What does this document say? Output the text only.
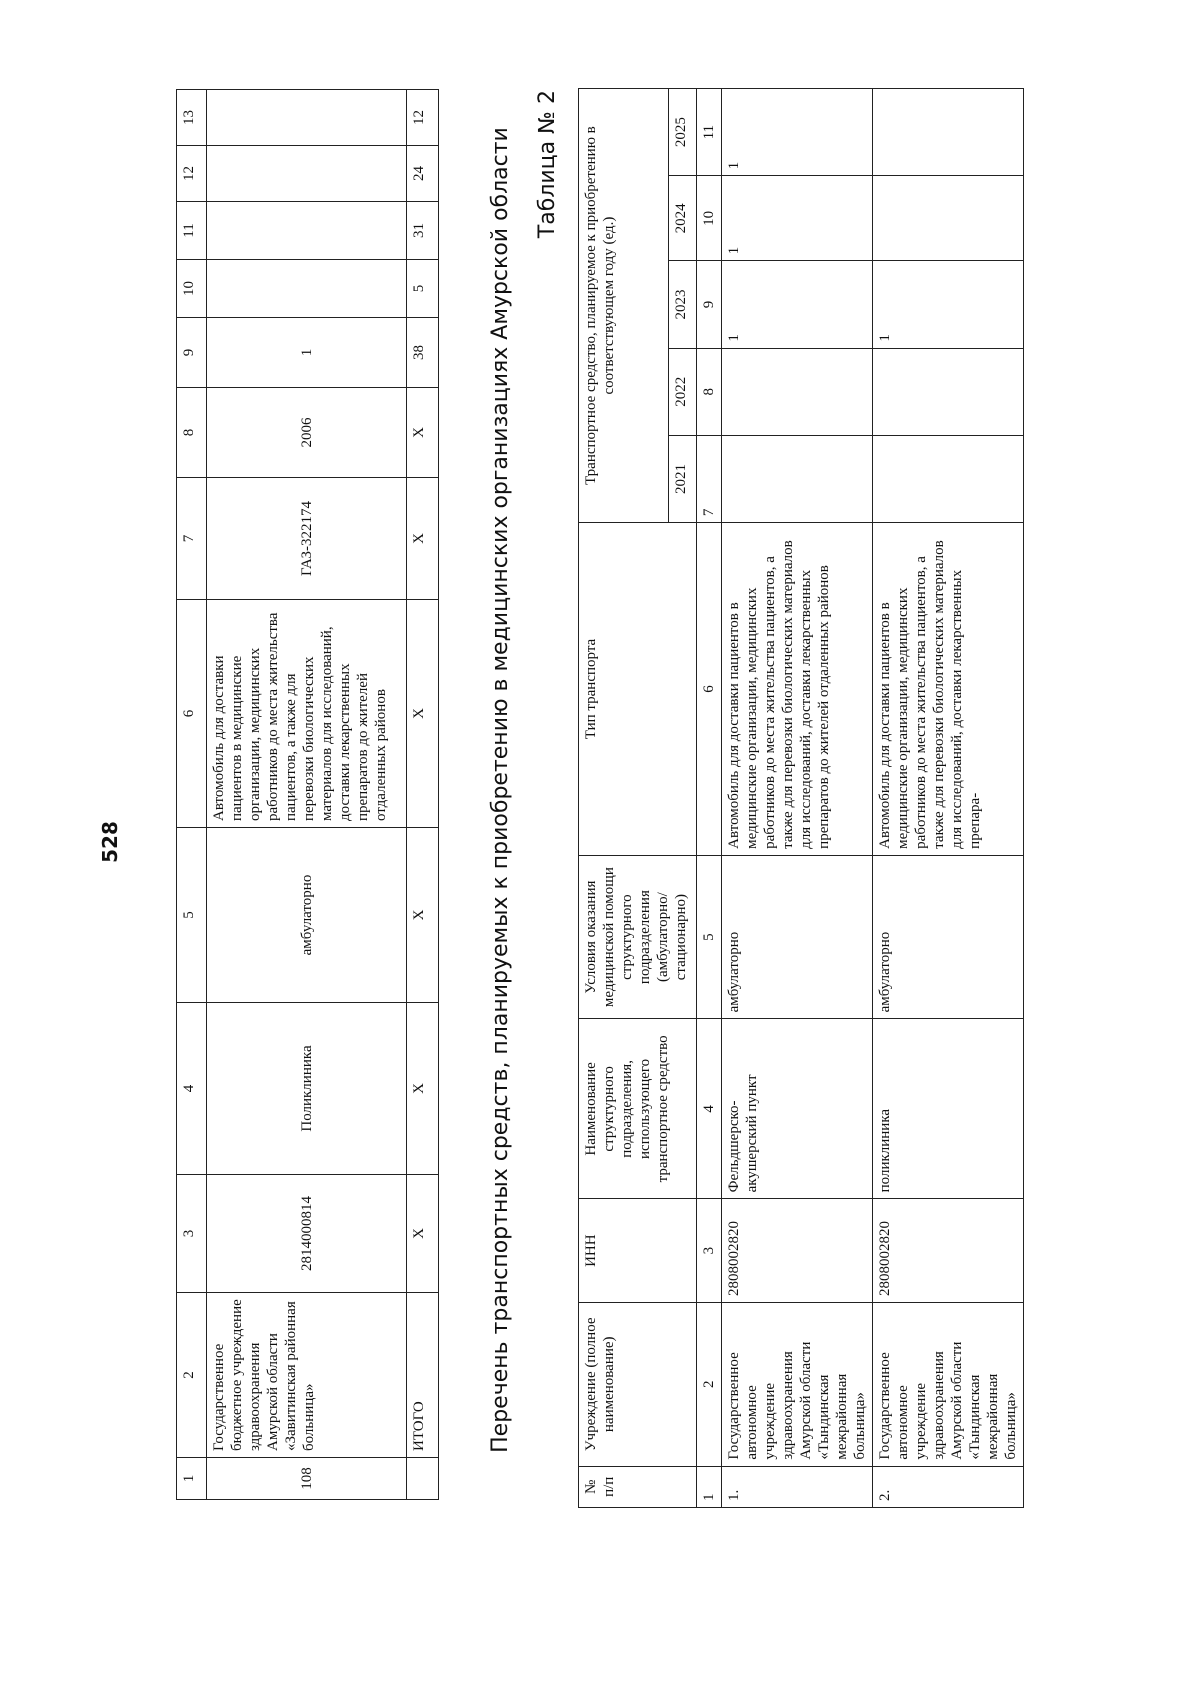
528
1	2	3	4	5	6	7	8	9	10	11	12	13
108	Государственное бюджетное учреждение здравоохранения Амурской области «Завитинская районная больница»	2814000814	Поликлиника	амбулаторно	Автомобиль для доставки пациентов в медицинские организации, медицинских работников до места жительства пациентов, а также для перевозки биологических материалов для исследований, доставки лекарственных препаратов до жителей отдаленных районов	ГАЗ-322174	2006	1				
	ИТОГО	X	X	X	X	X	X	38	5	31	24	12
Перечень транспортных средств, планируемых к приобретению в медицинских организациях Амурской области Таблица № 2
№ п/п	Учреждение (полное наименование)	ИНН	Наименование структурного подразделения, использующего транспортное средство	Условия оказания медицинской помощи структурного подразделения (амбулаторно/ стационарно)	Тип транспорта	Транспортное средство, планируемое к приобретению в соответствующем году (ед.)				
						2021	2022	2023	2024	2025
1	2	3	4	5	6	7	8	9	10	11
1.	Государственное автономное учреждение здравоохранения Амурской области «Тындинская межрайонная больница»	2808002820	Фельдшерско-акушерский пункт	амбулаторно	Автомобиль для доставки пациентов в медицинские организации, медицинских работников до места жительства пациентов, а также для перевозки биологических материалов для исследований, доставки лекарственных препаратов до жителей отдаленных районов			1	1	1
2.	Государственное автономное учреждение здравоохранения Амурской области «Тындинская межрайонная больница»	2808002820	поликлиника	амбулаторно	Автомобиль для доставки пациентов в медицинские организации, медицинских работников до места жительства пациентов, а также для перевозки биологических материалов для исследований, доставки лекарственных препара-			1		
